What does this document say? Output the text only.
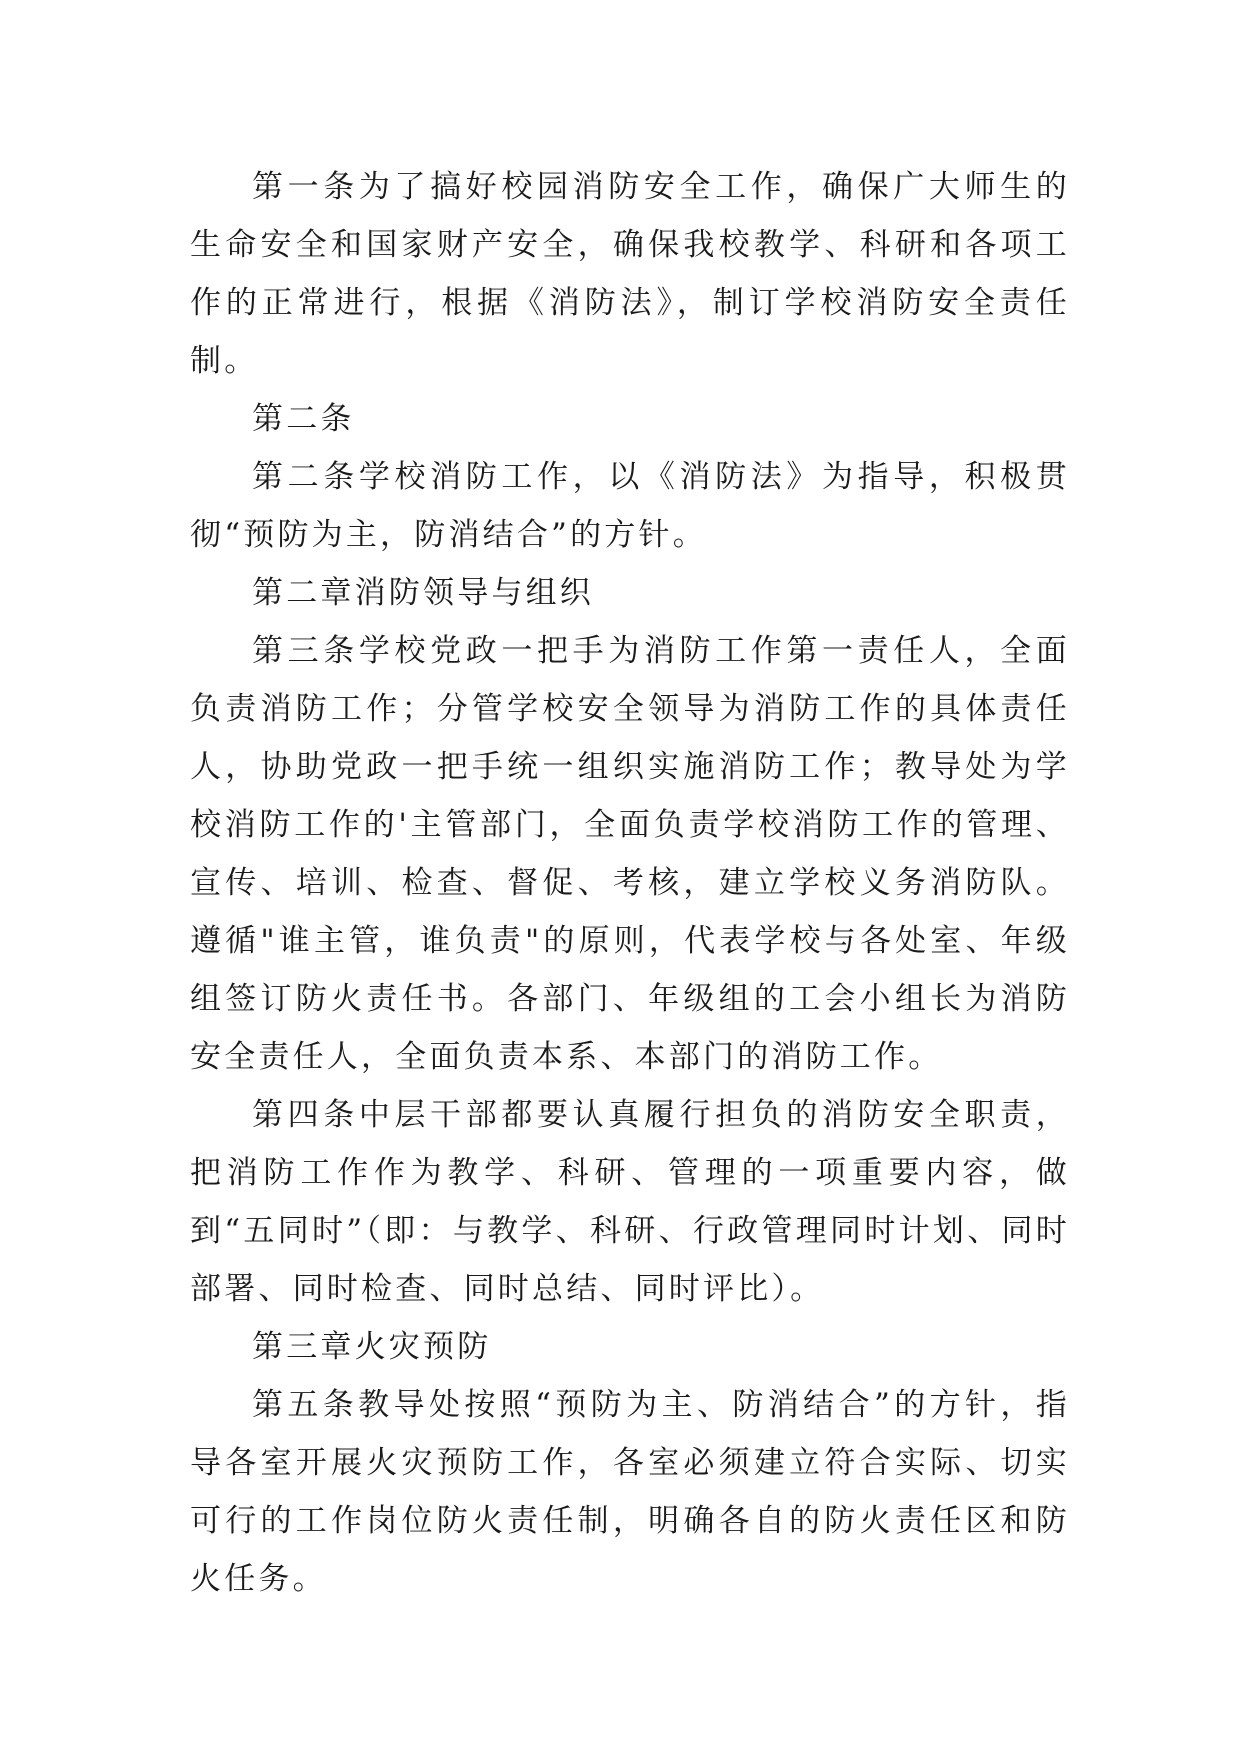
第一条为了搞好校园消防安全工作，确保广大师生的生命安全和国家财产安全，确保我校教学、科研和各项工作的正常进行，根据《消防法》，制订学校消防安全责任制。

第二条

第二条学校消防工作，以《消防法》为指导，积极贯彻“预防为主，防消结合”的方针。

第二章消防领导与组织

第三条学校党政一把手为消防工作第一责任人，全面负责消防工作；分管学校安全领导为消防工作的具体责任人，协助党政一把手统一组织实施消防工作；教导处为学校消防工作的'主管部门，全面负责学校消防工作的管理、宣传、培训、检查、督促、考核，建立学校义务消防队。遵循"谁主管，谁负责"的原则，代表学校与各处室、年级组签订防火责任书。各部门、年级组的工会小组长为消防安全责任人，全面负责本系、本部门的消防工作。

第四条中层干部都要认真履行担负的消防安全职责，把消防工作作为教学、科研、管理的一项重要内容，做到“五同时”（即：与教学、科研、行政管理同时计划、同时部署、同时检查、同时总结、同时评比）。

第三章火灾预防

第五条教导处按照“预防为主、防消结合”的方针，指导各室开展火灾预防工作，各室必须建立符合实际、切实可行的工作岗位防火责任制，明确各自的防火责任区和防火任务。
